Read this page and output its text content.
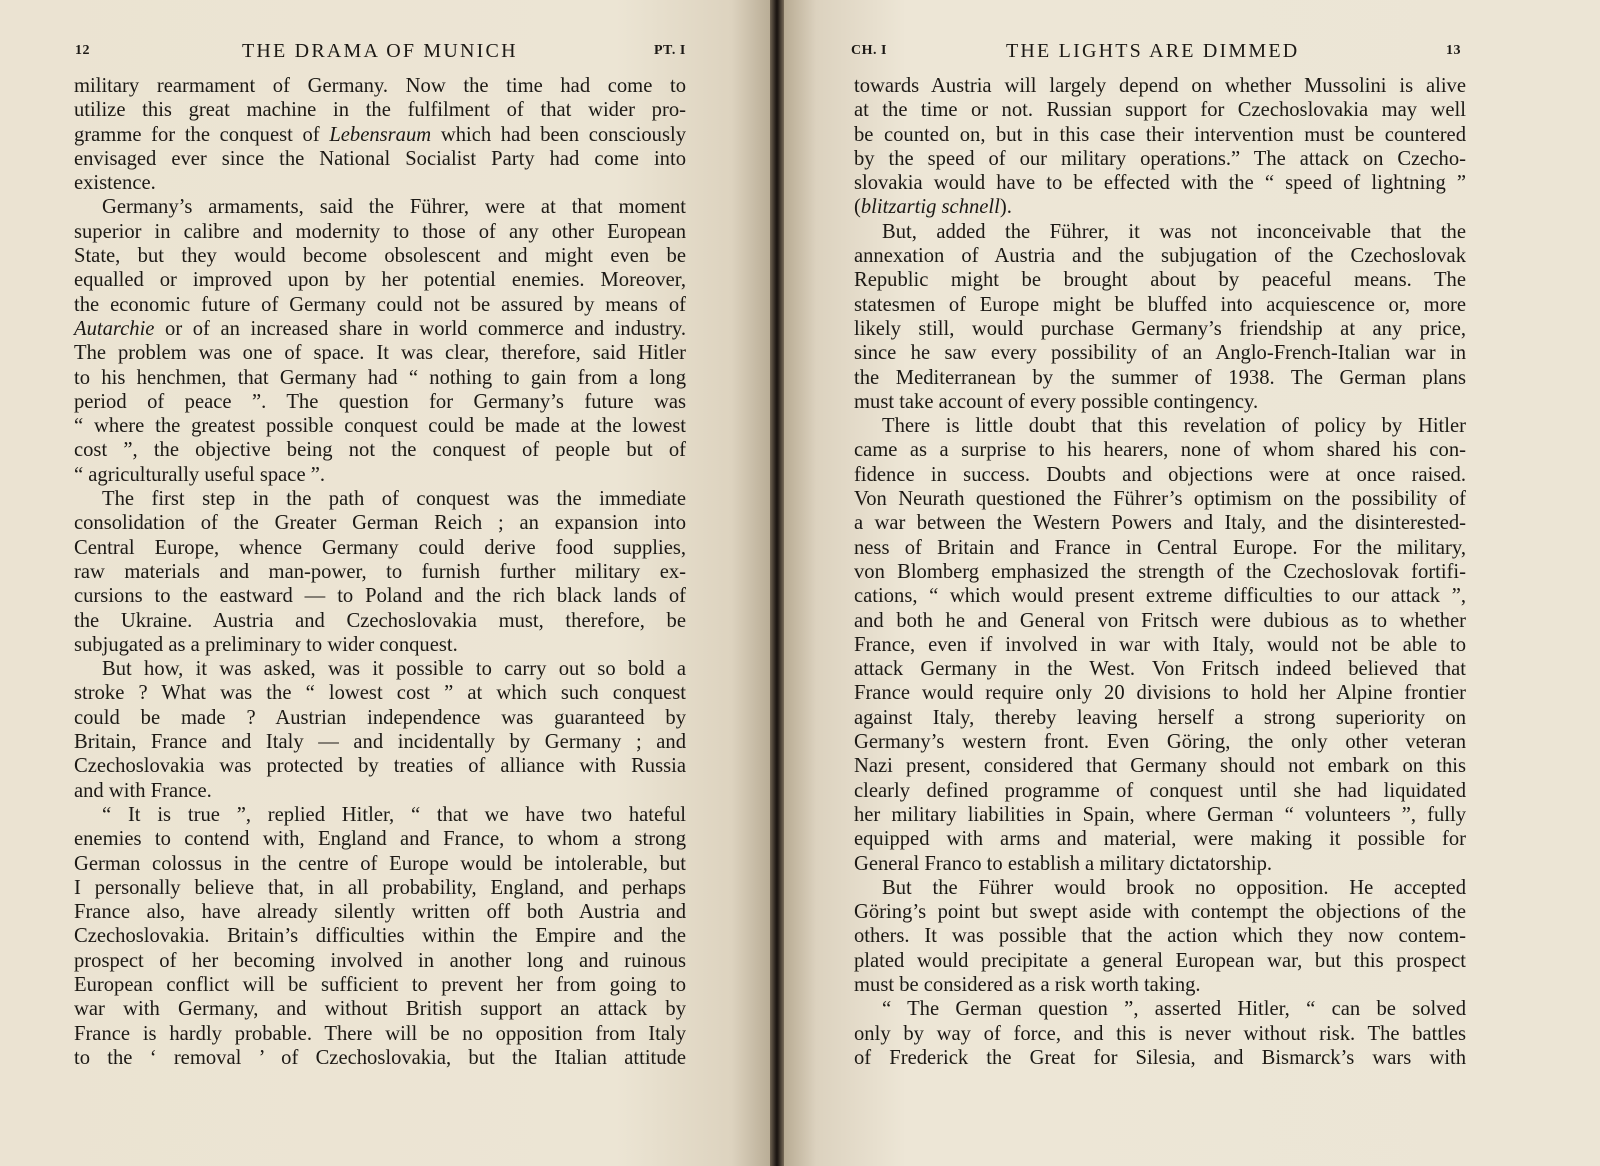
12	THE DRAMA OF MUNICH	PT. I
military rearmament of Germany. Now the time had come to
utilize this great machine in the fulfilment of that wider pro-
gramme for the conquest of Lebensraum which had been consciously
envisaged ever since the National Socialist Party had come into
existence.
Germany’s armaments, said the Führer, were at that moment
superior in calibre and modernity to those of any other European
State, but they would become obsolescent and might even be
equalled or improved upon by her potential enemies. Moreover,
the economic future of Germany could not be assured by means of
Autarchie or of an increased share in world commerce and industry.
The problem was one of space. It was clear, therefore, said Hitler
to his henchmen, that Germany had “ nothing to gain from a long
period of peace ”. The question for Germany’s future was
“ where the greatest possible conquest could be made at the lowest
cost ”, the objective being not the conquest of people but of
“ agriculturally useful space ”.
The first step in the path of conquest was the immediate
consolidation of the Greater German Reich ; an expansion into
Central Europe, whence Germany could derive food supplies,
raw materials and man-power, to furnish further military ex-
cursions to the eastward — to Poland and the rich black lands of
the Ukraine. Austria and Czechoslovakia must, therefore, be
subjugated as a preliminary to wider conquest.
But how, it was asked, was it possible to carry out so bold a
stroke ? What was the “ lowest cost ” at which such conquest
could be made ? Austrian independence was guaranteed by
Britain, France and Italy — and incidentally by Germany ; and
Czechoslovakia was protected by treaties of alliance with Russia
and with France.
“ It is true ”, replied Hitler, “ that we have two hateful
enemies to contend with, England and France, to whom a strong
German colossus in the centre of Europe would be intolerable, but
I personally believe that, in all probability, England, and perhaps
France also, have already silently written off both Austria and
Czechoslovakia. Britain’s difficulties within the Empire and the
prospect of her becoming involved in another long and ruinous
European conflict will be sufficient to prevent her from going to
war with Germany, and without British support an attack by
France is hardly probable. There will be no opposition from Italy
to the ‘ removal ’ of Czechoslovakia, but the Italian attitude
CH. I	THE LIGHTS ARE DIMMED	13
towards Austria will largely depend on whether Mussolini is alive
at the time or not. Russian support for Czechoslovakia may well
be counted on, but in this case their intervention must be countered
by the speed of our military operations.” The attack on Czecho-
slovakia would have to be effected with the “ speed of lightning ”
(blitzartig schnell).
But, added the Führer, it was not inconceivable that the
annexation of Austria and the subjugation of the Czechoslovak
Republic might be brought about by peaceful means. The
statesmen of Europe might be bluffed into acquiescence or, more
likely still, would purchase Germany’s friendship at any price,
since he saw every possibility of an Anglo-French-Italian war in
the Mediterranean by the summer of 1938. The German plans
must take account of every possible contingency.
There is little doubt that this revelation of policy by Hitler
came as a surprise to his hearers, none of whom shared his con-
fidence in success. Doubts and objections were at once raised.
Von Neurath questioned the Führer’s optimism on the possibility of
a war between the Western Powers and Italy, and the disinterested-
ness of Britain and France in Central Europe. For the military,
von Blomberg emphasized the strength of the Czechoslovak fortifi-
cations, “ which would present extreme difficulties to our attack ”,
and both he and General von Fritsch were dubious as to whether
France, even if involved in war with Italy, would not be able to
attack Germany in the West. Von Fritsch indeed believed that
France would require only 20 divisions to hold her Alpine frontier
against Italy, thereby leaving herself a strong superiority on
Germany’s western front. Even Göring, the only other veteran
Nazi present, considered that Germany should not embark on this
clearly defined programme of conquest until she had liquidated
her military liabilities in Spain, where German “ volunteers ”, fully
equipped with arms and material, were making it possible for
General Franco to establish a military dictatorship.
But the Führer would brook no opposition. He accepted
Göring’s point but swept aside with contempt the objections of the
others. It was possible that the action which they now contem-
plated would precipitate a general European war, but this prospect
must be considered as a risk worth taking.
“ The German question ”, asserted Hitler, “ can be solved
only by way of force, and this is never without risk. The battles
of Frederick the Great for Silesia, and Bismarck’s wars with
